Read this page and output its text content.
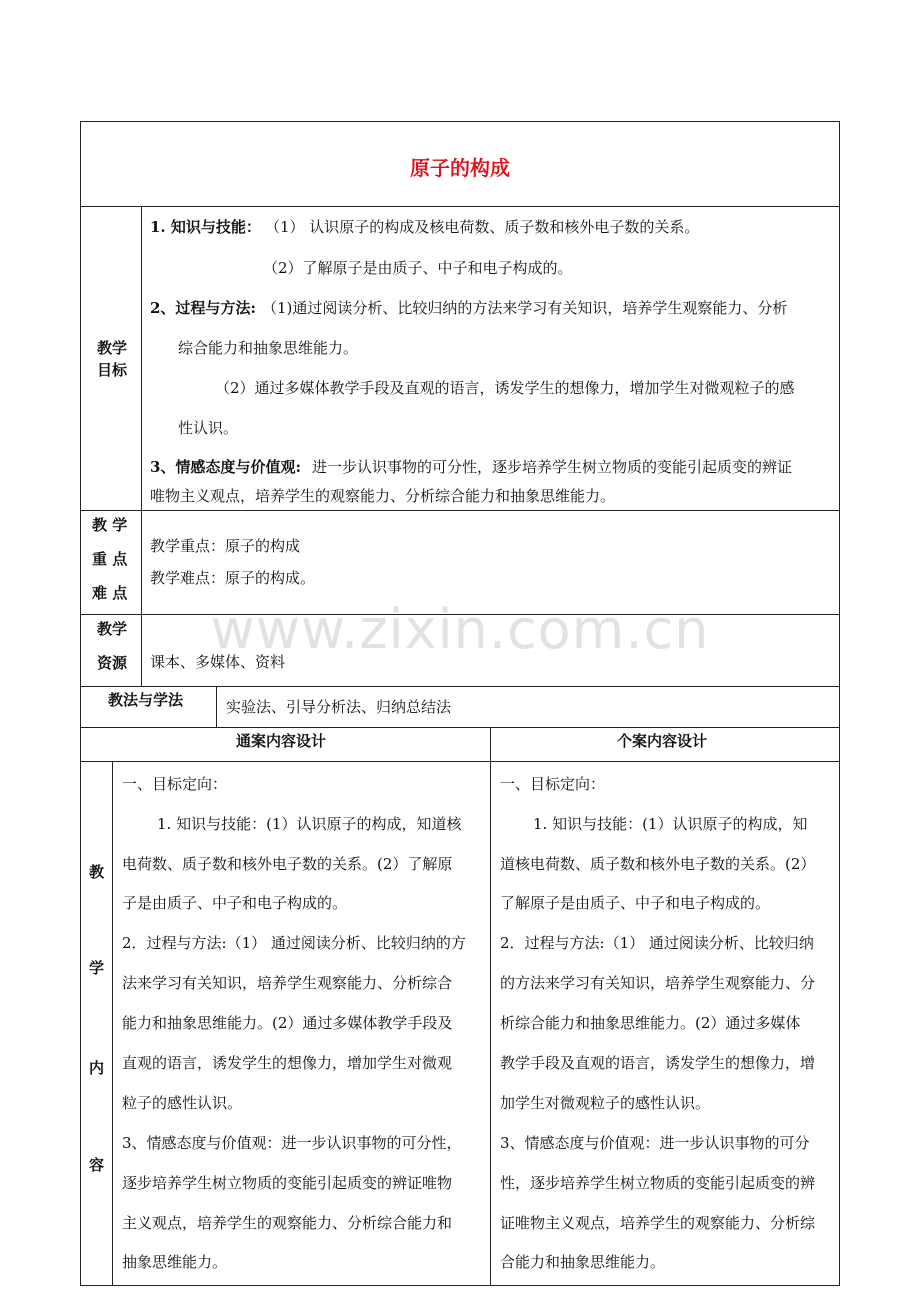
原子的构成
教学
目标
1. 知识与技能： （1） 认识原子的构成及核电荷数、质子数和核外电子数的关系。
（2）了解原子是由质子、中子和电子构成的。
2、过程与方法: （1)通过阅读分析、比较归纳的方法来学习有关知识，培养学生观察能力、分析
综合能力和抽象思维能力。
（2）通过多媒体教学手段及直观的语言，诱发学生的想像力，增加学生对微观粒子的感
性认识。
3、情感态度与价值观: 进一步认识事物的可分性，逐步培养学生树立物质的变能引起质变的辨证
唯物主义观点，培养学生的观察能力、分析综合能力和抽象思维能力。
教 学
重 点
难 点
教学重点：原子的构成
教学难点：原子的构成。
教学
资源 课本、多媒体、资料
教法与学法	实验法、引导分析法、归纳总结法
通案内容设计	个案内容设计
教
学
内
容
一、目标定向：
1. 知识与技能：(1）认识原子的构成，知道核
电荷数、质子数和核外电子数的关系。(2）了解原
子是由质子、中子和电子构成的。
2．过程与方法:（1） 通过阅读分析、比较归纳的方
法来学习有关知识，培养学生观察能力、分析综合
能力和抽象思维能力。(2）通过多媒体教学手段及
直观的语言，诱发学生的想像力，增加学生对微观
粒子的感性认识。
3、情感态度与价值观：进一步认识事物的可分性，
逐步培养学生树立物质的变能引起质变的辨证唯物
主义观点，培养学生的观察能力、分析综合能力和
抽象思维能力。
一、目标定向：
1. 知识与技能：(1）认识原子的构成，知
道核电荷数、质子数和核外电子数的关系。(2）
了解原子是由质子、中子和电子构成的。
2．过程与方法:（1） 通过阅读分析、比较归纳
的方法来学习有关知识，培养学生观察能力、分
析综合能力和抽象思维能力。(2）通过多媒体
教学手段及直观的语言，诱发学生的想像力，增
加学生对微观粒子的感性认识。
3、情感态度与价值观：进一步认识事物的可分
性，逐步培养学生树立物质的变能引起质变的辨
证唯物主义观点，培养学生的观察能力、分析综
合能力和抽象思维能力。
www.zixin.com.cn
